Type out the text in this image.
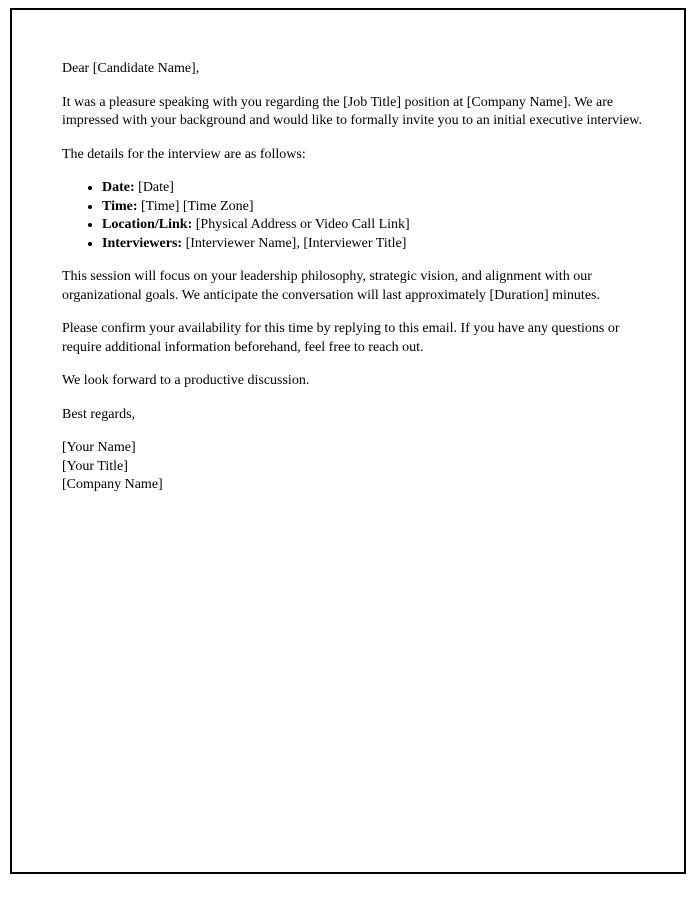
Dear [Candidate Name],

It was a pleasure speaking with you regarding the [Job Title] position at [Company Name]. We are impressed with your background and would like to formally invite you to an initial executive interview.

The details for the interview are as follows:

• Date: [Date]
• Time: [Time] [Time Zone]
• Location/Link: [Physical Address or Video Call Link]
• Interviewers: [Interviewer Name], [Interviewer Title]

This session will focus on your leadership philosophy, strategic vision, and alignment with our organizational goals. We anticipate the conversation will last approximately [Duration] minutes.

Please confirm your availability for this time by replying to this email. If you have any questions or require additional information beforehand, feel free to reach out.

We look forward to a productive discussion.

Best regards,

[Your Name]

[Your Title]

[Company Name]
